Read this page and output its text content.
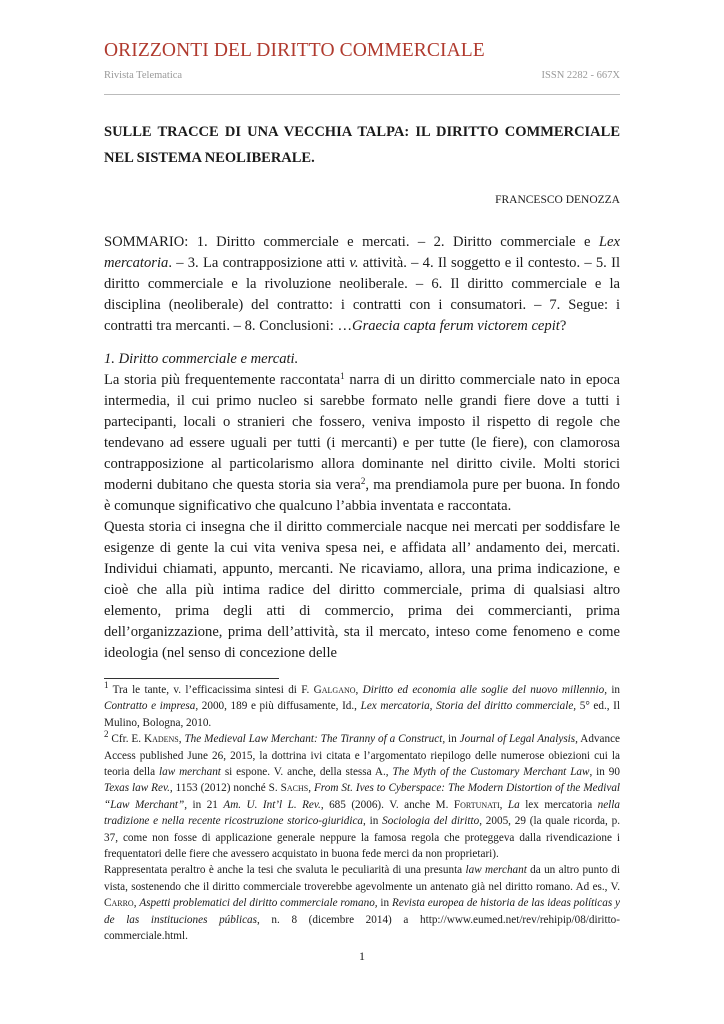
ORIZZONTI DEL DIRITTO COMMERCIALE
Rivista Telematica	ISSN 2282 - 667X
SULLE TRACCE DI UNA VECCHIA TALPA: IL DIRITTO COMMERCIALE NEL SISTEMA NEOLIBERALE.
FRANCESCO DENOZZA

SOMMARIO: 1. Diritto commerciale e mercati. – 2. Diritto commerciale e Lex mercatoria. – 3. La contrapposizione atti v. attività. – 4. Il soggetto e il contesto. – 5. Il diritto commerciale e la rivoluzione neoliberale. – 6. Il diritto commerciale e la disciplina (neoliberale) del contratto: i contratti con i consumatori. – 7. Segue: i contratti tra mercanti. – 8. Conclusioni: …Graecia capta ferum victorem cepit?

1. Diritto commerciale e mercati.

La storia più frequentemente raccontata$^1$ narra di un diritto commerciale nato in epoca intermedia, il cui primo nucleo si sarebbe formato nelle grandi fiere dove a tutti i partecipanti, locali o stranieri che fossero, veniva imposto il rispetto di regole che tendevano ad essere uguali per tutti (i mercanti) e per tutte (le fiere), con clamorosa contrapposizione al particolarismo allora dominante nel diritto civile. Molti storici moderni dubitano che questa storia sia vera$^2$, ma prendiamola pure per buona. In fondo è comunque significativo che qualcuno l’abbia inventata e raccontata.

Questa storia ci insegna che il diritto commerciale nacque nei mercati per soddisfare le esigenze di gente la cui vita veniva spesa nei, e affidata all’ andamento dei, mercati. Individui chiamati, appunto, mercanti. Ne ricaviamo, allora, una prima indicazione, e cioè che alla più intima radice del diritto commerciale, prima di qualsiasi altro elemento, prima degli atti di commercio, prima dei commercianti, prima dell’organizzazione, prima dell’attività, sta il mercato, inteso come fenomeno e come ideologia (nel senso di concezione delle

$^1$ Tra le tante, v. l’efficacissima sintesi di F. Galgano, Diritto ed economia alle soglie del nuovo millennio, in Contratto e impresa, 2000, 189 e più diffusamente, Id., Lex mercatoria, Storia del diritto commerciale, 5° ed., Il Mulino, Bologna, 2010.

$^2$ Cfr. E. Kadens, The Medieval Law Merchant: The Tiranny of a Construct, in Journal of Legal Analysis, Advance Access published June 26, 2015, la dottrina ivi citata e l’argomentato riepilogo delle numerose obiezioni cui la teoria della law merchant si espone. V. anche, della stessa A., The Myth of the Customary Merchant Law, in 90 Texas law Rev., 1153 (2012) nonché S. Sachs, From St. Ives to Cyberspace: The Modern Distortion of the Medival “Law Merchant”, in 21 Am. U. Int’l L. Rev., 685 (2006). V. anche M. Fortunati, La lex mercatoria nella tradizione e nella recente ricostruzione storico-giuridica, in Sociologia del diritto, 2005, 29 (la quale ricorda, p. 37, come non fosse di applicazione generale neppure la famosa regola che proteggeva dalla rivendicazione i frequentatori delle fiere che avessero acquistato in buona fede merci da non proprietari).

Rappresentata peraltro è anche la tesi che svaluta le peculiarità di una presunta law merchant da un altro punto di vista, sostenendo che il diritto commerciale troverebbe agevolmente un antenato già nel diritto romano. Ad es., V. Carro, Aspetti problematici del diritto commerciale romano, in Revista europea de historia de las ideas políticas y de las instituciones públicas, n. 8 (dicembre 2014) a http://www.eumed.net/rev/rehipip/08/diritto-commerciale.html.

1
